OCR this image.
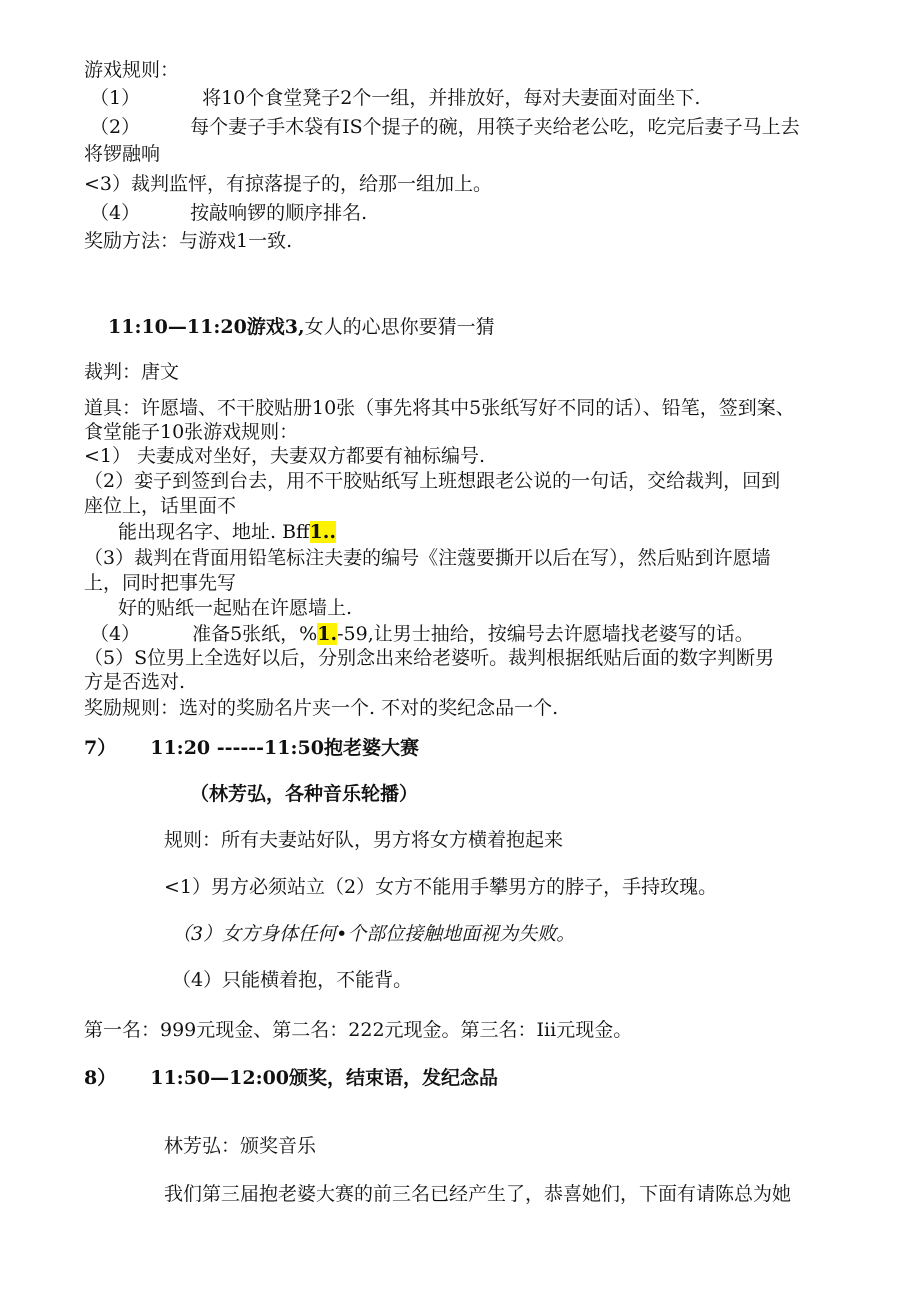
游戏规则：
（1）	将10个食堂凳子2个一组，并排放好，每对夫妻面对面坐下.
（2）	每个妻子手木袋有IS个提子的碗，用筷子夹给老公吃，吃完后妻子马上去
将锣融响
<3）裁判监怦，有掠落提子的，给那一组加上。
（4）	按敲响锣的顺序排名.
奖励方法：与游戏1一致.
11:10—11:20游戏3,女人的心思你要猜一猜
裁判：唐文
道具：许愿墙、不干胶贴册10张（事先将其中5张纸写好不同的话）、铅笔，签到案、
食堂能子10张游戏规则：
<1） 夫妻成对坐好，夫妻双方都要有袖标编号.
（2）娈子到签到台去，用不干胶贴纸写上班想跟老公说的一句话，交给裁判，回到
座位上，话里面不
能出现名字、地址. Bff1..
（3）裁判在背面用铅笔标注夫妻的编号《注蔻要撕开以后在写），然后贴到许愿墙
上，同时把事先写
好的贴纸一起贴在许愿墙上.
（4）	准备5张纸，%1.-59,让男士抽给，按编号去许愿墙找老婆写的话。
（5）S位男上全选好以后，分别念出来给老婆听。裁判根据纸贴后面的数字判断男
方是否选对.
奖励规则：选对的奖励名片夹一个. 不对的奖纪念品一个.
7） 11:20 ------11:50抱老婆大赛
（林芳弘，各种音乐轮播）
规则：所有夫妻站好队，男方将女方横着抱起来
<1）男方必须站立（2）女方不能用手攀男方的脖子，手持玫瑰。
（3）女方身体任何•个部位接触地面视为失败。
（4）只能横着抱，不能背。
第一名：999元现金、第二名：222元现金。第三名：Iii元现金。
8） 11:50—12:00颁奖，结束语，发纪念品
林芳弘：颁奖音乐
我们第三届抱老婆大赛的前三名已经产生了，恭喜她们，下面有请陈总为她
